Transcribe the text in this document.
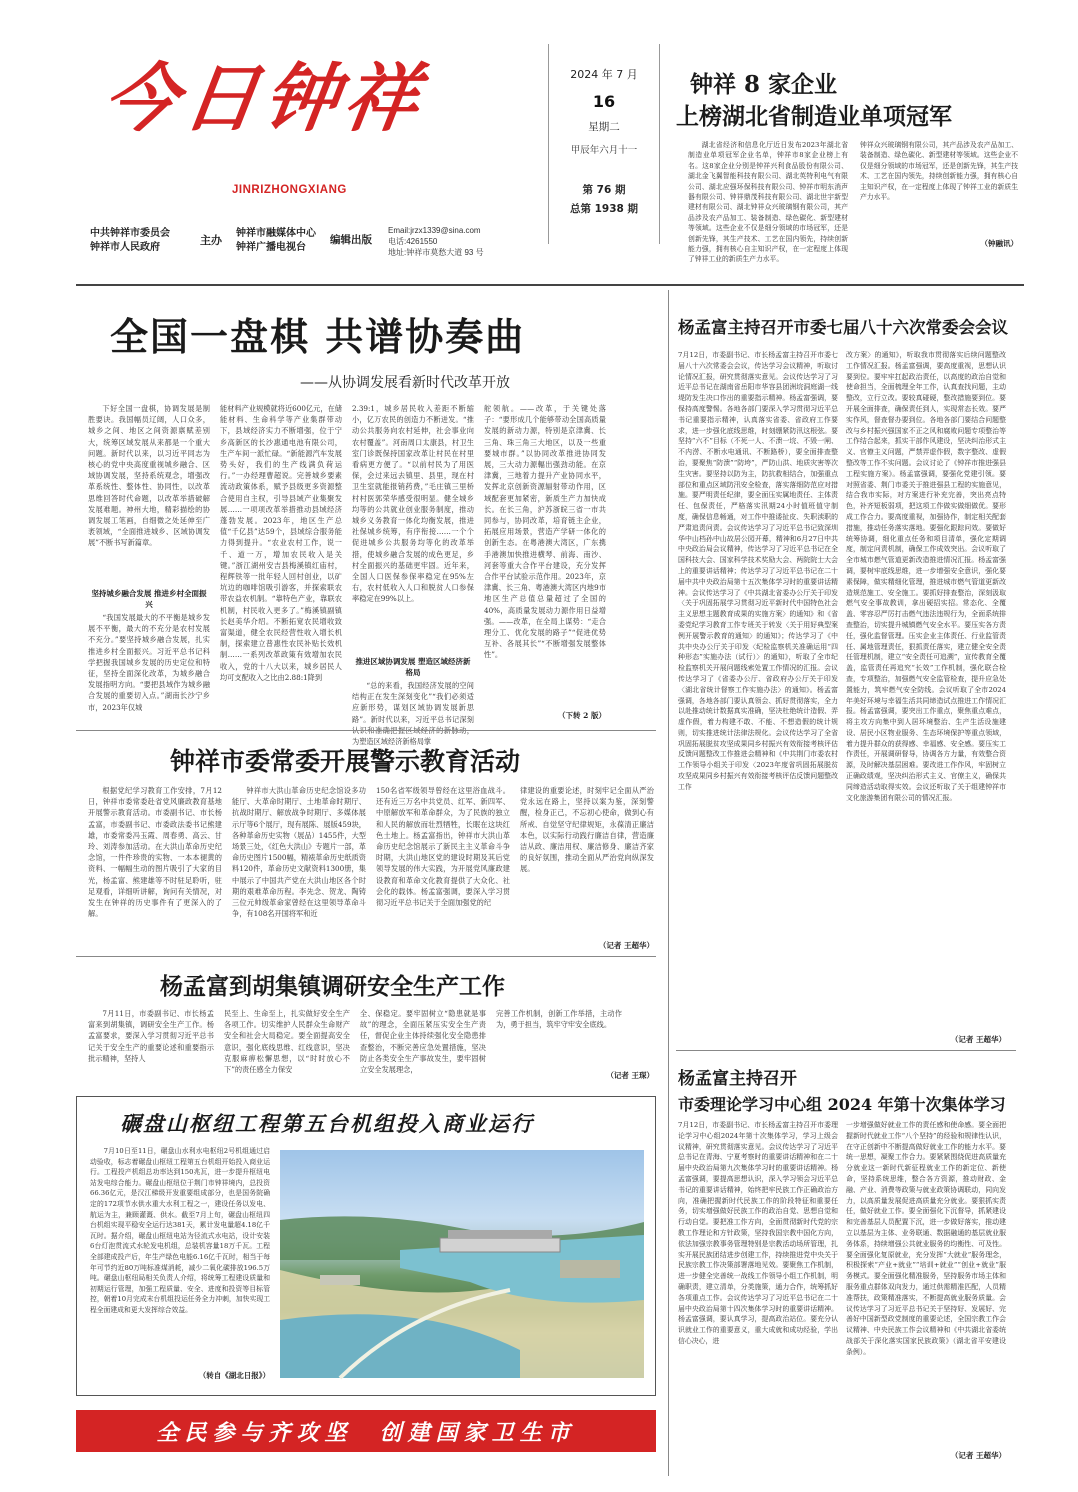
今日钟祥
JINRIZHONGXIANG
中共钟祥市委员会
钟祥市人民政府
主办
钟祥市融媒体中心
钟祥广播电视台
编辑出版
Email:jrzx1339@sina.com
电话:4261550
地址:钟祥市莫愁大道 93 号
2024 年 7 月
16
星期二
甲辰年六月十一
第 76 期
总第 1938 期
钟祥 8 家企业
上榜湖北省制造业单项冠军
湖北省经济和信息化厅近日发布2023年湖北省制造业单项冠军企业名单，钟祥市8家企业榜上有名。这8家企业分别是钟祥兴利食品股份有限公司、湖北金飞翼智能科技有限公司、湖北英特利电气有限公司、湖北应强环保科技有限公司、钟祥市明东消声器有限公司、钟祥鼎茂科技有限公司、湖北世宇新型建材有限公司、湖北钟祥众兴玻璃钢有限公司，其产品涉及农产品加工、装备制造、绿色碳化、新型建材等领域。这些企业不仅是细分领域的市场冠军，还是创新先锋，其生产技术、工艺在国内领先，持续创新能力强，拥有核心自主知识产权，在一定程度上体现了钟祥工业的新质生产力水平。
钟祥众兴玻璃钢有限公司，其产品涉及农产品加工、装备制造、绿色碳化、新型建材等领域。这些企业不仅是细分领域的市场冠军，还是创新先锋，其生产技术、工艺在国内领先，持续创新能力强，拥有核心自主知识产权，在一定程度上体现了钟祥工业的新质生产力水平。
（钟融讯）
全国一盘棋 共谱协奏曲
——从协调发展看新时代改革开放
下好全国一盘棋，协调发展是制胜要诀。我国幅员辽阔，人口众多，城乡之间、地区之间资源禀赋差别大，统筹区域发展从来都是一个重大问题。新时代以来，以习近平同志为核心的党中央高度重视城乡融合、区域协调发展，坚持系统观念，增强改革系统性、整体性、协同性，以改革思维回答时代命题，以改革举措破解发展难题。神州大地，精彩描绘的协调发展工笔画，自细微之处延伸至广袤领域，“全面推进城乡、区域协调发展”不断书写新篇章。
坚持城乡融合发展 推进乡村全面振兴
“我国发展最大的不平衡是城乡发展不平衡，最大的不充分是农村发展不充分。”要坚持城乡融合发展，扎实推进乡村全面振兴。习近平总书记科学把握我国城乡发展的历史定位和特征，坚持全面深化改革，为城乡融合发展指明方向。“要把县域作为城乡融合发展的重要切入点。”湖南长沙宁乡市，2023年仅城
能材料产业规模就将近600亿元，在储能材料、生命科学等产业集群带动下，县域经济实力不断增强，位于宁乡高新区的长沙惠通电池有限公司，生产车间一派忙碌。“新能源汽车发展势头好，我们的生产线满负荷运行。”一办经理曹超说。完善城乡要素流动政策体系，赋予县级更多资源整合使用自主权，引导县域产业集聚发展……一项项改革举措推动县域经济蓬勃发展。2023年，地区生产总值“千亿县”达59个，县域综合服务能力得到提升。“农业农村工作，说一千、道一万，增加农民收入是关键。”浙江湖州安吉县梅溪镇红庙村，程辉铁等一批年轻人回村创业，以矿坑边的咖啡馆吸引游客，并探索联农带农益农机制。“靠特色产业，靠联农机制，村民收入更多了。”梅溪镇副镇长赵美华介绍。不断拓宽农民增收致富渠道，健全农民经营性收入增长机制，探索建立普惠性农民补贴长效机制……一系列改革政策有效增加农民收入，党的十八大以来，城乡居民人均可支配收入之比由2.88:1降到
2.39:1，城乡居民收入差距不断缩小，亿万农民的创造力不断迸发。“推动公共服务向农村延伸，社会事业向农村覆盖”。河南周口太康县，村卫生室门诊既保持国家改革让村民在村里看病更方便了。“以前村民为了用医保，会过来远去镇里、县里，现在村卫生室就能报销药费，”毛庄镇三里桥村村医郭荣华感受很明显。健全城乡均等的公共就业创业服务制度，推动城乡义务教育一体化均衡发展，推进社保城乡统筹，有序衔接……一个个促进城乡公共服务均等化的改革举措，使城乡融合发展的成色更足，乡村全面振兴的基础更牢固。近年来，全国人口医保参保率稳定在95%左右，农村低收入人口和脱贫人口参保率稳定在99%以上。
推进区域协调发展 塑造区域经济新格局
“总的来看，我国经济发展的空间结构正在发生深刻变化”“我们必须适应新形势，谋划区域协调发展新思路”。新时代以来，习近平总书记深刻 为塑造区域经济新格局掌
舵领航。——改革，于关键处落子：“要形成几个能够带动全国高质量发展的新动力源，特别是京津冀、长三角、珠三角三大地区，以及一些重要城市群。”以协同改革推进协同发展，三大动力源輻出强劲动能。在京津冀，三地着力提升产业协同水平，发挥北京创新资源辐射带动作用，区域配套更加紧密，新质生产力加快成长。在长三角，沪苏浙皖三省一市共同参与，协同改革，培育链主企业，拓展应用场景，营造产学研一体化的创新生态。在粤港澳大湾区，广东携手港澳加快推进横琴、前海、南沙、河套等重大合作平台建设，充分发挥合作平台试验示范作用。2023年，京津冀、长三角、粤港澳大湾区内地9市地区生产总值总量超过了全国的40%，高质量发展动力源作用日益增强。——改革，在全局上谋势：“走合理分工、优化发展的路子”“促进优势互补、各展其长”“不断增强发展整体性”。
（下转 2 版）
钟祥市委常委开展警示教育活动
根据党纪学习教育工作安排，7月12日，钟祥市委常委赴省党风廉政教育基地开展警示教育活动。市委副书记、市长杨孟富，市委副书记、市委政法委书记熊建雄，市委常委冯玉霞、周春勇、高云、甘玲、刘涛参加活动。在大洪山革命历史纪念馆，一件件珍贵的实物、一本本褪黄的资料、一幅幅生动的图片吸引了大家的目光，杨孟富、熊建雄等不时驻足聆听，驻足观看，详细听讲解，询问有关情况，对发生在钟祥的历史事件有了更深入的了解。
钟祥市大洪山革命历史纪念馆设多功能厅、大革命时期厅、土地革命时期厅、抗战时期厅、解放战争时期厅、多媒体展示厅等6个展厅，现有展陈、展版459块，各种革命历史实物（展品）1455件，大型场景三处，《红色大洪山》专题片一部，革命历史图片1500幅，精裱革命历史纸质资料120件，革命历史文献资料1300册，集中展示了中国共产党在大洪山地区各个时期的艰难革命历程。李先念、贺龙、陶铸三位元帅级革命家曾经在这里领导革命斗争，有108名开国将军和近
150名省军级领导曾经在这里浴血战斗。还有近三万名中共党员、红军、新四军、中原解放军和革命群众，为了民族的独立和人民的解放而壮烈牺牲，长眠在这块红色土地上。杨孟富指出，钟祥市大洪山革命历史纪念馆展示了新民主主义革命斗争时期，大洪山地区党的建设时期及其后党领导发展的伟大实践，为开展党风廉政建设教育和革命文化教育提供了大众化、社会化的载体。杨孟富强调，要深入学习贯彻习近平总书记关于全面加强党的纪
律建设的重要论述，时刻牢记全面从严治党永远在路上，坚持以案为鉴，深刻警醒，检身正己，不忘初心使命，做到心有所戒、自觉坚守纪律规矩，永葆清正廉洁本色，以实际行动践行廉洁自律，营造廉洁从政、廉洁用权、廉洁修身、廉洁齐家的良好氛围，推动全面从严治党向纵深发展。
（记者 王超华）
杨孟富到胡集镇调研安全生产工作
7月11日，市委副书记、市长杨孟富来到胡集镇，调研安全生产工作。杨孟富要求，要深入学习贯彻习近平总书记关于安全生产的重要论述和重要指示批示精神，坚持人
民至上、生命至上，扎实做好安全生产各项工作。切实维护人民群众生命财产安全和社会大局稳定。要全面提高安全意识，强化底线思维、红线意识，坚决克服麻痹松懈思想，以“时时放心不下”的责任感全力保安
全、保稳定。要牢固树立“隐患就是事故”的理念，全面压紧压实安全生产责任，督促企业主体持续强化安全隐患排查整治，不断完善应急处置措施，坚决防止各类安全生产事故发生，要牢固树立安全发展理念，
完善工作机制，创新工作举措，主动作为，勇于担当，筑牢守牢安全底线。
（记者 王琛）
碾盘山枢纽工程第五台机组投入商业运行
7月10日至11日，碾盘山水利水电枢纽2号机组通过启动验收，标志着碾盘山枢纽工程第五台机组开始投入商业运行。工程投产机组总功率达到150兆瓦，进一步提升枢纽电站发电综合能力。碾盘山枢纽位于荆门市钟祥境内，总投资66.36亿元，是汉江梯级开发重要组成部分，也是国务院确定的172项节水供水重大水利工程之一，建设任务以发电、航运为主，兼顾灌溉、供水。截至7月上旬，碾盘山枢纽四台机组实现平稳安全运行达381天，累计发电量超4.18亿千瓦时。据介绍，碾盘山枢纽电站为径流式水电站，设计安装6台灯泡贯流式水轮发电机组，总装机容量18万千瓦。工程全部建成投产后，年生产绿色电能6.16亿千瓦时，相当于每年可节约近80万吨标准煤消耗，减少二氧化碳排放196.5万吨。碾盘山枢纽局相关负责人介绍，将统筹工程建设质量和初期运行管理，加强工程质量、安全、进度和投资等目标管控，朝着10月完成末台机组投运任务全力冲刺，加快实现工程全面建成和更大发挥综合效益。
（转自《湖北日报》）
杨孟富主持召开市委七届八十六次常委会会议
7月12日，市委副书记、市长杨孟富主持召开市委七届八十六次常委会会议，传达学习会议精神，听取讨论情况汇报，研究贯彻落实意见。会议传达学习了习近平总书记在湖南省岳阳市华容县团洲垸洞庭湖一线堤防发生决口作出的重要指示精神。杨孟富强调，要保持高度警惕。各地各部门要深入学习贯彻习近平总书记重要指示精神，认真落实省委、省政府工作要求，进一步强化底线思维，时刻绷紧防汛这根弦。要坚持“六不”目标（不死一人、不溃一垸、不毁一闸、不内涝、不断水电通讯、不断路桥），要全面排查整治，要聚焦“防溃”“防垮”，严防山洪、地质灾害等次生灾害。要坚持以防为主，防抗救相结合，加强重点部位和重点区域防汛安全检查，落实落细防范应对措施。要严明责任纪律，要全面压实属地责任、主体责任、包保责任，严格落实汛期24小时值班值守制度，确保信息畅通，对工作中推诿扯皮、失职渎职的严肃追责问责。会议传达学习了习近平总书记致深圳华中山档孙中山故居公园开幕，精神和6月27日中共中央政治局会议精神，传达学习了习近平总书记在全国科技大会、国家科学技术奖励大会、两院院士大会上的重要讲话精神；传达学习了习近平总书记在二十届中共中央政治局第十五次集体学习时的重要讲话精神。会议传达学习了《中共湖北省委办公厅关于印发〈关于巩固拓展学习贯彻习近平新时代中国特色社会主义思想主题教育成果的实施方案〉的通知》和《省委党纪学习教育工作专班关于转发〈关于用好典型案例开展警示教育的通知〉的通知》；传达学习了《中共中央办公厅关于印发〈纪检监察机关准确运用“四种形态”实施办法（试行）〉的通知》，听取了全市纪检监察机关开展问题线索处置工作情况的汇报。会议传达学习了《省委办公厅、省政府办公厅关于印发〈湖北省统计督察工作实施办法〉的通知》。杨孟富强调，各地各部门要认真领会、抓好贯彻落实，全力以赴推动统计数据真实准确，坚决杜绝统计造假、弄虚作假，着力构建不敢、不能、不想造假的统计规则，切实推进统计法律法规化。会议传达学习了全省巩固拓展脱贫攻坚成果同乡村振兴有效衔接考核评估反馈问题整改工作推进会精神和《中共荆门市委农村工作领导小组关于印发〈2023年度省巩固拓展脱贫攻坚成果同乡村振兴有效衔接考核评估反馈问题整改工作
改方案〉的通知》，听取我市贯彻落实后续问题整改工作情况汇报。杨孟富强调，要高度重视，思想认识要到位。要牢牢扛起政治责任，以高度的政治自觉和使命担当，全面梳理全年工作，认真查找问题，主动整改，立行立改。要较真碰硬，整改措施要到位。要开展全面排查，确保责任到人，实现常态长效。要严实作风，督查督办要到位。各地各部门要结合问题整改与乡村振兴强国家不正之风和腐败问题专项整治等工作结合起来，抓实干部作风建设，坚决纠治形式主义、官僚主义问题，严禁弄虚作假，数字整改、虚假整改等工作不实问题。会议讨论了《钟祥市推进强县工程实施方案》。杨孟富强调，要强化党建引领。要对照省委、荆门市委关于推进强县工程的实施意见，结合我市实际，对方案进行补充完善，突出亮点特色，补齐短板弱项，把这项工作做实做细做优。要形成工作合力。要高度重视，加强协作，制定相关配套措施，推动任务落实落地。要强化跟踪问效。要做好统筹协调，细化重点任务和项目清单，强化定期调度，制定问责机制，确保工作成效突出。会议听取了全市城市燃气管道更新改造推进情况汇报。杨孟富强调，要树牢底线思维，进一步增强安全意识，强化要素保障，做实精细化管理，推进城市燃气管道更新改造规范施工、安全施工。要抓好排查整治，深刻汲取燃气安全事故教训，拿出硬招实招。常态化、全覆盖、零容忍严厉打击燃气违法违规行为，全面系统排查整治，切实提升城镇燃气安全水平。要压实各方责任，强化监督管理。压实企业主体责任、行业监管责任、属地管理责任，狠抓责任落实，建立健全安全责任管理机制，建立“安全责任可追溯”，宣传教育全覆盖，监管责任再追究“长效”工作机制，强化联合检查，专项整治，加强燃气安全监管检查，提升应急处置能力，筑牢燃气安全防线。会议听取了全市2024年美好环境与幸福生活共同缔造试点推进工作情况汇报。杨孟富强调，要突出工作重点，聚焦重点难点，将主攻方向集中到人居环境整治、生产生活设施建设、居民小区物业服务、生态环境保护等重点领域，着力提升群众的获得感、幸福感、安全感。要压实工作责任，开展调研督导，协调各方力量，有效整合资源，及时解决基层困难。要改进工作作风，牢固树立正确政绩观，坚决纠治形式主义、官僚主义，确保共同缔造活动取得实效。会议还听取了关于组建钟祥市文化旅游集团有限公司的情况汇报。
（记者 王超华）
杨孟富主持召开
市委理论学习中心组 2024 年第十次集体学习
7月12日，市委副书记、市长杨孟富主持召开市委理论学习中心组2024年第十次集体学习，学习上级会议精神，研究贯彻落实意见。会议传达学习了习近平总书记在青海、宁夏考察时的重要讲话精神和在二十届中央政治局第九次集体学习时的重要讲话精神。杨孟富强调，要提高思想认识，深入学习领会习近平总书记的重要讲话精神，始终把牢民族工作正确政治方向，准确把握新时代民族工作的阶段特征和重要任务，切实增强做好民族工作的政治自觉、思想自觉和行动自觉。要把准工作方向，全面贯彻新时代党的宗教工作理论和方针政策，坚持我国宗教中国化方向，依法加强宗教事务管理特别是宗教活动场所管理，扎实开展民族团结进步创建工作，持续推进党中央关于民族宗教工作决策部署落地见效。要聚焦工作机制，进一步健全完善统一战线工作领导小组工作机制，明确职责，建立清单，分类施策，通力合作，统筹抓好各项重点工作。会议传达学习了习近平总书记在二十届中央政治局第十四次集体学习时的重要讲话精神。杨孟富强调，要认真学习，提高政治站位。要充分认识就业工作的重要意义，重大成就和成功经验，学出信心决心，进
一步增强做好就业工作的责任感和使命感。要全面把握新时代就业工作“八个坚持”的经验和规律性认识，在守正创新中不断提高做好就业工作的能力水平。要统一思想，凝聚工作合力。要紧紧围绕促进高质量充分就业这一新时代新征程就业工作的新定位、新使命，坚持系统思维，整合各方资源，推动财政、金融、产业、消费等政策与就业政策协调联动，同向发力，以高质量发展促进高质量充分就业。要狠抓实责任，做好就业工作。要全面强化下沉督导，抓紧建设和完善基层人员配置下沉，进一步做好落实，推动建立以基层为主体、业务联通、数据融通的基层就业服务体系，持续增强公共就业服务的均衡性、可及性。要全面强化复原就业，充分发挥“大就业”服务理念，积极探索“产业+就业”“培训+就业”“创业+就业”服务模式。要全面强化精准服务，坚持服务市场主体和服务重点群体双向发力，通过供需精准匹配，人员精准帮扶，政策精准落实，不断提高就业服务质量。会议传达学习了习近平总书记关于坚持好、发展好、完善好中国新型政党制度的重要论述，全国宗教工作会议精神、中央民族工作会议精神和《中共湖北省委统战部关于深化落实国家民族政策》（湖北省平安建设条例）。
（记者 王超华）
全民参与齐攻坚  创建国家卫生市
